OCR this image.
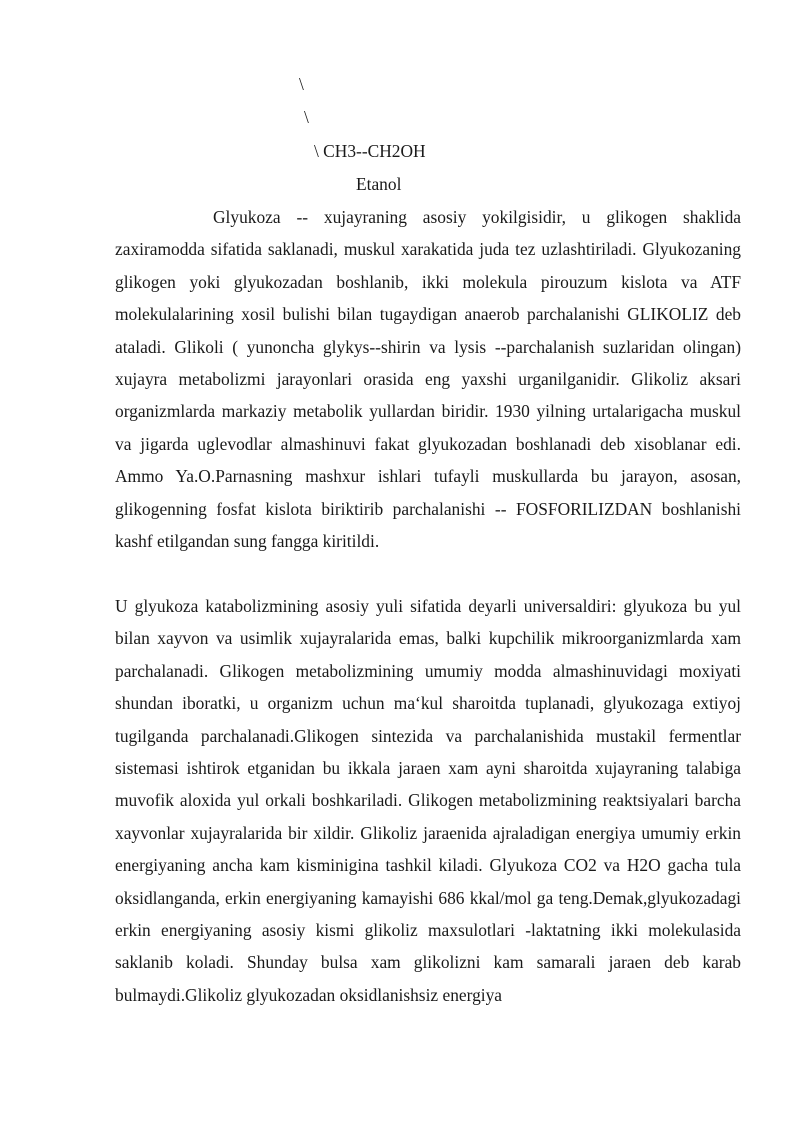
\
\
\ CH3--CH2OH
Etanol

Glyukoza -- xujayraning asosiy yokilgisidir, u glikogen shaklida zaxiramodda sifatida saklanadi, muskul xarakatida juda tez uzlashtiriladi. Glyukozaning glikogen yoki glyukozadan boshlanib, ikki molekula pirouzum kislota va ATF molekulalarining xosil bulishi bilan tugaydigan anaerob parchalanishi GLIKOLIZ deb ataladi. Glikoli ( yunoncha glykys--shirin va lysis --parchalanish suzlaridan olingan) xujayra metabolizmi jarayonlari orasida eng yaxshi urganilganidir. Glikoliz aksari organizmlarda markaziy metabolik yullardan biridir. 1930 yilning urtalarigacha muskul va jigarda uglevodlar almashinuvi fakat glyukozadan boshlanadi deb xisoblanar edi. Ammo Ya.O.Parnasning mashxur ishlari tufayli muskullarda bu jarayon, asosan, glikogenning fosfat kislota biriktirib parchalanishi -- FOSFORILIZDAN boshlanishi kashf etilgandan sung fangga kiritildi.

U glyukoza katabolizmining asosiy yuli sifatida deyarli universaldiri: glyukoza bu yul bilan xayvon va usimlik xujayralarida emas, balki kupchilik mikroorganizmlarda xam parchalanadi. Glikogen metabolizmining umumiy modda almashinuvidagi moxiyati shundan iboratki, u organizm uchun ma‘kul sharoitda tuplanadi, glyukozaga extiyoj tugilganda parchalanadi.Glikogen sintezida va parchalanishida mustakil fermentlar sistemasi ishtirok etganidan bu ikkala jaraen xam ayni sharoitda xujayraning talabiga muvofik aloxida yul orkali boshkariladi. Glikogen metabolizmining reaktsiyalari barcha xayvonlar xujayralarida bir xildir. Glikoliz jaraenida ajraladigan energiya umumiy erkin energiyaning ancha kam kisminigina tashkil kiladi. Glyukoza CO2 va H2O gacha tula oksidlanganda, erkin energiyaning kamayishi 686 kkal/mol ga teng.Demak,glyukozadagi erkin energiyaning asosiy kismi glikoliz maxsulotlari -laktatning ikki molekulasida saklanib koladi. Shunday bulsa xam glikolizni kam samarali jaraen deb karab bulmaydi.Glikoliz glyukozadan oksidlanishsiz energiya
